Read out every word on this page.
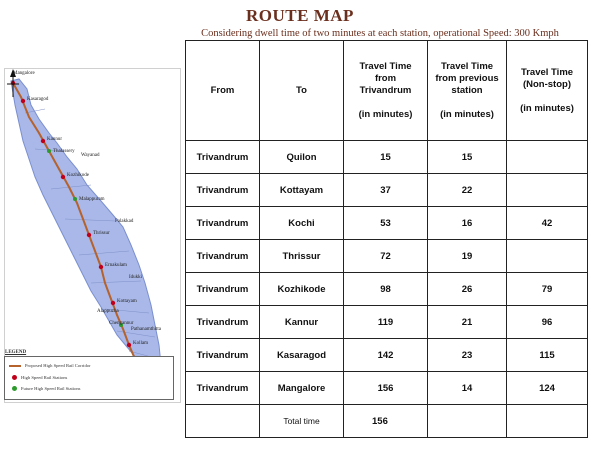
ROUTE MAP
Considering dwell time of two minutes at each station, operational Speed: 300 Kmph
Mangalore
Kasaragod
Kannur
Thalassery
Wayanad
Kozhikode
Malappuram
Palakkad
Thrissur
Ernakulam
Idukki
Kottayam
Alappuzha
Chengannur
Pathanamthitta
Kollam
LEGEND
Proposed High Speed Rail Corridor
High Speed Rail Stations
Future High Speed Rail Stations
From	To	Travel Time
from
Trivandrum
(in minutes)	Travel Time
from previous
station
(in minutes)	Travel Time
(Non-stop)
(in minutes)

Trivandrum	Quilon	15	15	
Trivandrum	Kottayam	37	22	
Trivandrum	Kochi	53	16	42
Trivandrum	Thrissur	72	19	
Trivandrum	Kozhikode	98	26	79
Trivandrum	Kannur	119	21	96
Trivandrum	Kasaragod	142	23	115
Trivandrum	Mangalore	156	14	124
	Total time	156		
